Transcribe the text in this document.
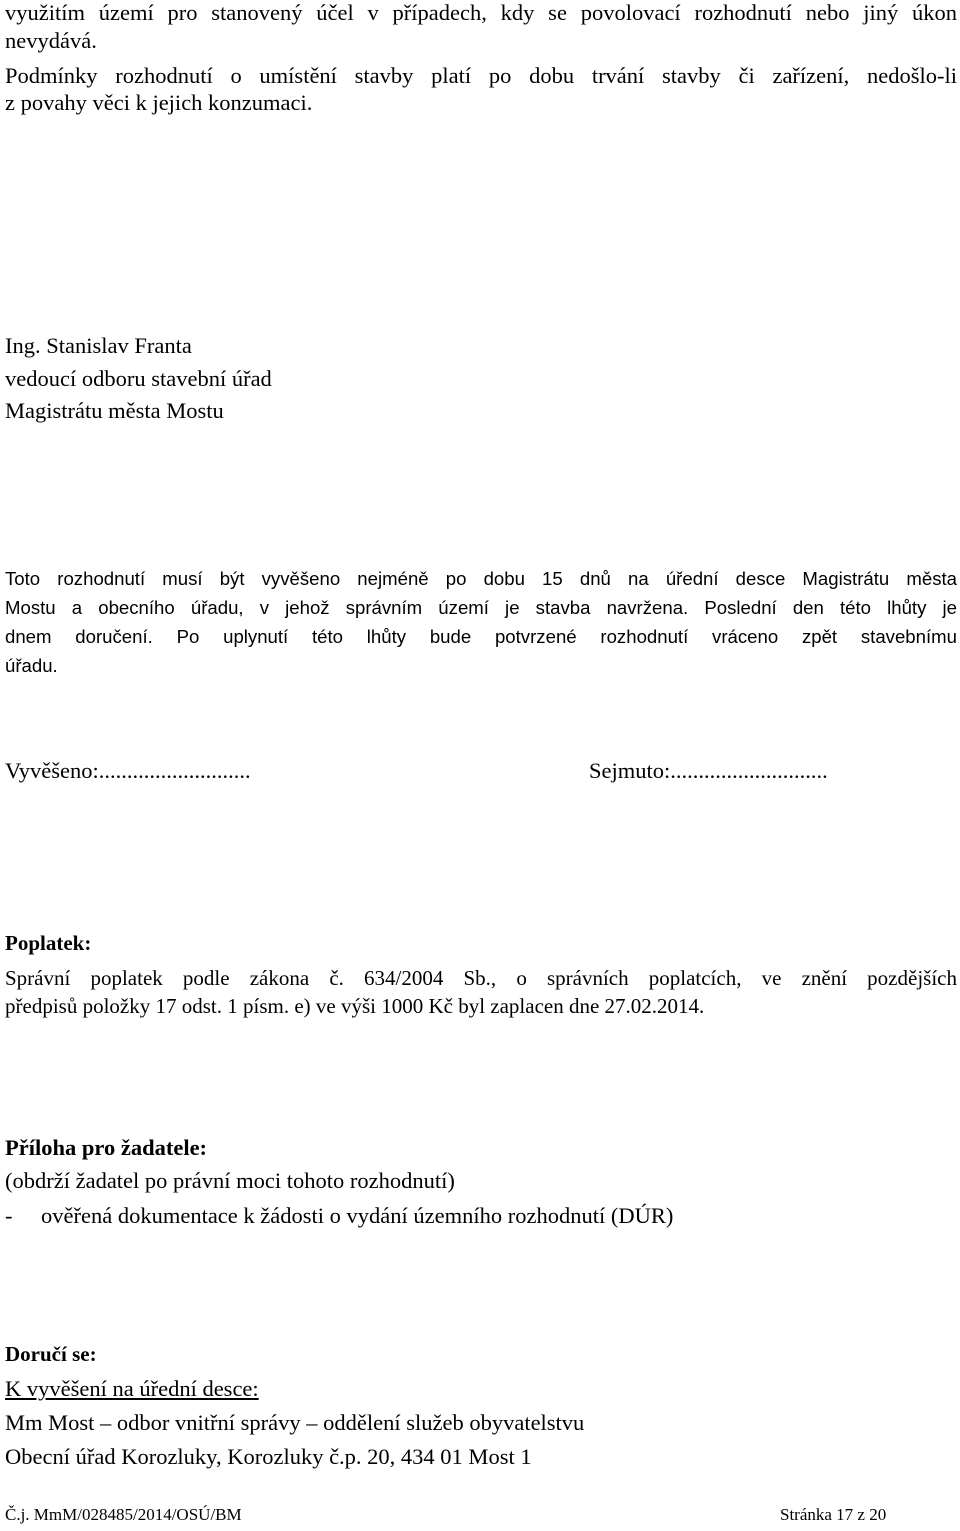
využitím území pro stanovený účel v případech, kdy se povolovací rozhodnutí nebo jiný úkon
nevydává.
Podmínky rozhodnutí o umístění stavby platí po dobu trvání stavby či zařízení, nedošlo-li
z povahy věci k jejich konzumaci.
Ing. Stanislav Franta
vedoucí odboru stavební úřad
Magistrátu města Mostu
Toto rozhodnutí musí být vyvěšeno nejméně po dobu 15 dnů na úřední desce Magistrátu města
Mostu a obecního úřadu, v jehož správním území je stavba navržena. Poslední den této lhůty je
dnem doručení. Po uplynutí této lhůty bude potvrzené rozhodnutí vráceno zpět stavebnímu
úřadu.
Vyvěšeno:...........................	Sejmuto:............................
Poplatek:
Správní poplatek podle zákona č. 634/2004 Sb., o správních poplatcích, ve znění pozdějších
předpisů položky 17 odst. 1 písm. e) ve výši 1000 Kč byl zaplacen dne 27.02.2014.
Příloha pro žadatele:
(obdrží žadatel po právní moci tohoto rozhodnutí)
- ověřená dokumentace k žádosti o vydání územního rozhodnutí (DÚR)
Doručí se:
K vyvěšení na úřední desce:
Mm Most – odbor vnitřní správy – oddělení služeb obyvatelstvu
Obecní úřad Korozluky, Korozluky č.p. 20, 434 01 Most 1
Č.j. MmM/028485/2014/OSÚ/BM	Stránka 17 z 20
